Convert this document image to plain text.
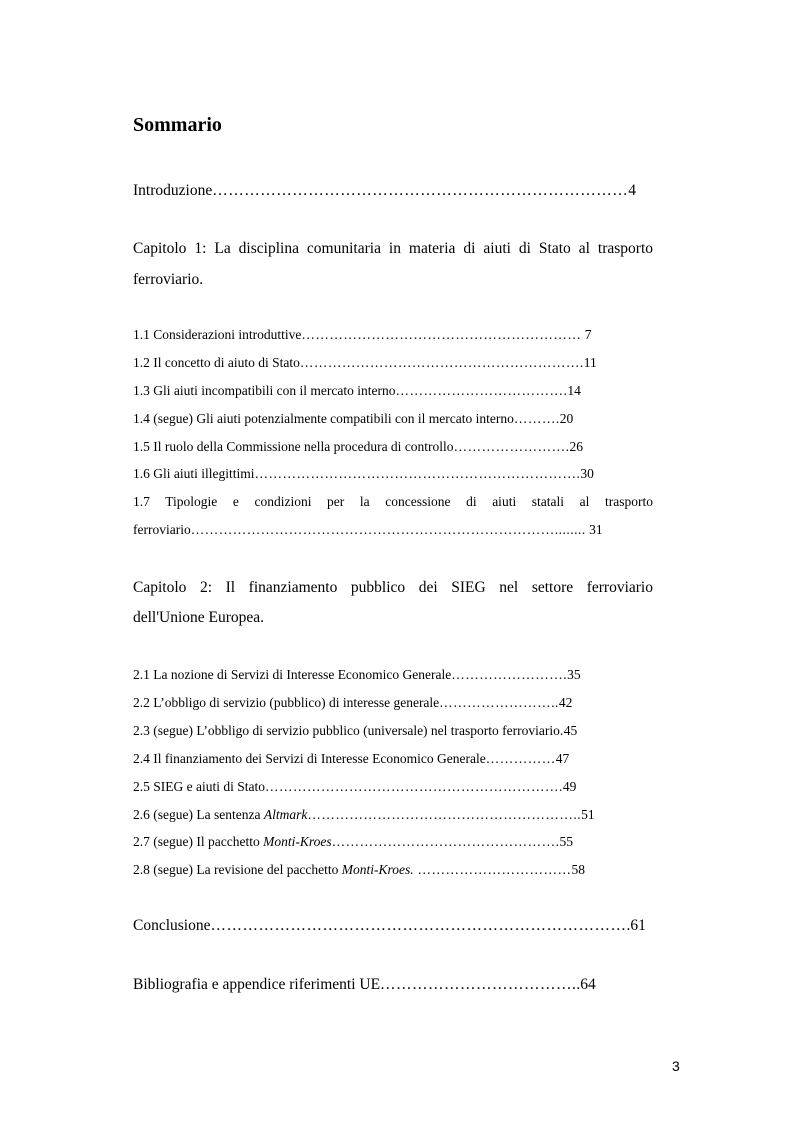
Sommario
Introduzione……………………………………………………………………4
Capitolo 1: La disciplina comunitaria in materia di aiuti di Stato al trasporto
ferroviario.
1.1 Considerazioni introduttive…………………………………………………… 7
1.2 Il concetto di aiuto di Stato…………………………………………………….11
1.3 Gli aiuti incompatibili con il mercato interno……………………………….14
1.4 (segue) Gli aiuti potenzialmente compatibili con il mercato interno……….20
1.5 Il ruolo della Commissione nella procedura di controllo…………………….26
1.6 Gli aiuti illegittimi…………………………………………………………….30
1.7 Tipologie e condizioni per la concessione di aiuti statali al trasporto
ferroviario……………………………………………………………………........ 31
Capitolo 2: Il finanziamento pubblico dei SIEG nel settore ferroviario
dell'Unione Europea.
2.1 La nozione di Servizi di Interesse Economico Generale…………………….35
2.2 L’obbligo di servizio (pubblico) di interesse generale……………………..42
2.3 (segue) L’obbligo di servizio pubblico (universale) nel trasporto ferroviario.45
2.4 Il finanziamento dei Servizi di Interesse Economico Generale……………47
2.5 SIEG e aiuti di Stato……………………………………………………….49
2.6 (segue) La sentenza Altmark…………………………………………………..51
2.7 (segue) Il pacchetto Monti-Kroes………………………………………….55
2.8 (segue) La revisione del pacchetto Monti-Kroes. ……………………………58
Conclusione…………………………………………………………………….61
Bibliografia e appendice riferimenti UE………………………………..64
3
